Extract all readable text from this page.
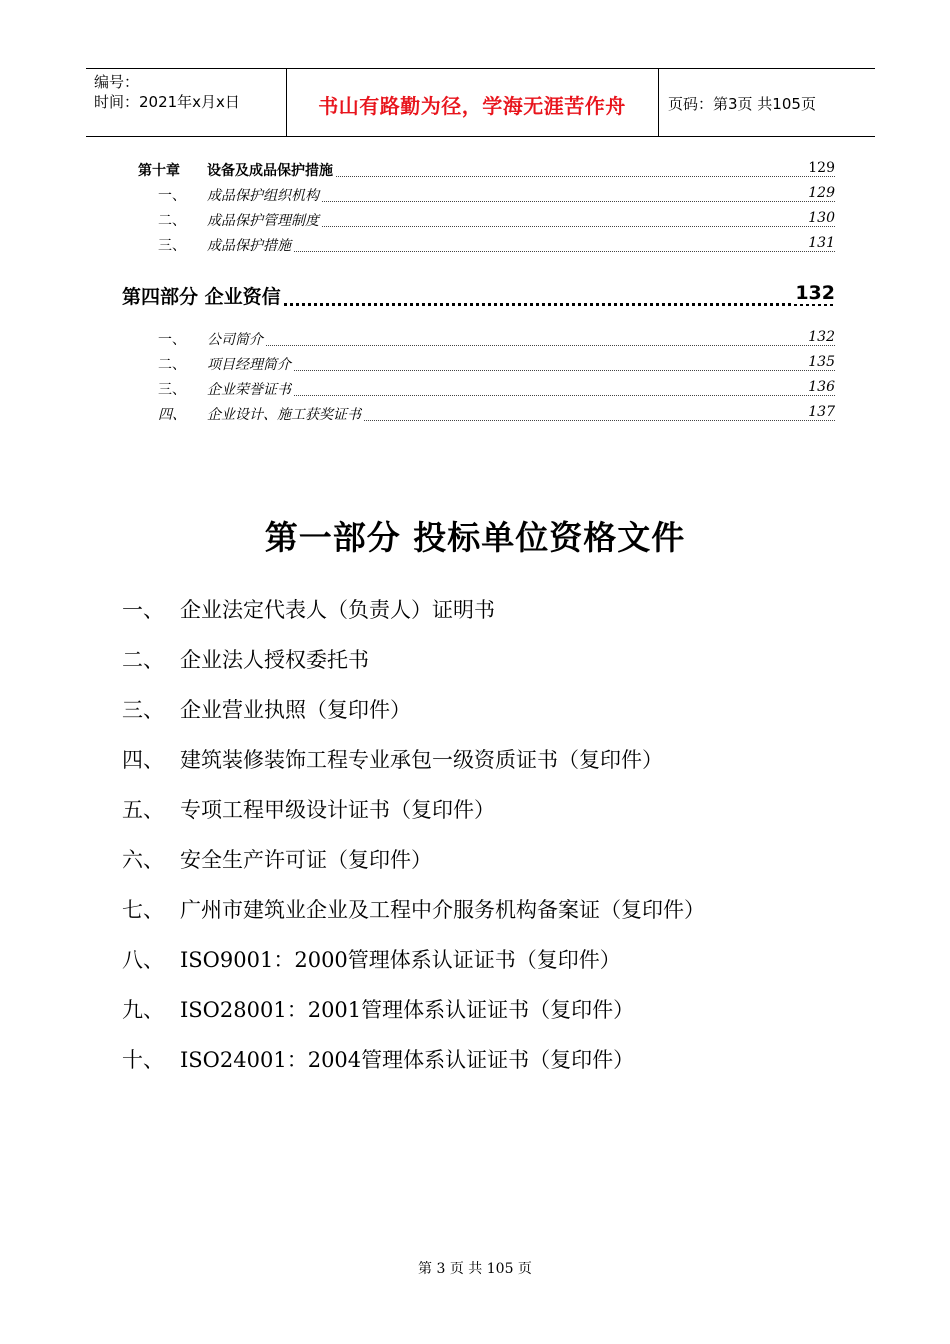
编号：
时间：2021年x月x日	书山有路勤为径，学海无涯苦作舟	页码：第3页 共105页
第十章 设备及成品保护措施	129
一、 成品保护组织机构	129
二、 成品保护管理制度	130
三、 成品保护措施	131
第四部分 企业资信	132
一、 公司简介	132
二、 项目经理简介	135
三、 企业荣誉证书	136
四、 企业设计、施工获奖证书	137
第一部分 投标单位资格文件
一、 企业法定代表人（负责人）证明书
二、 企业法人授权委托书
三、 企业营业执照（复印件）
四、 建筑装修装饰工程专业承包一级资质证书（复印件）
五、 专项工程甲级设计证书（复印件）
六、 安全生产许可证（复印件）
七、 广州市建筑业企业及工程中介服务机构备案证（复印件）
八、 ISO9001：2000管理体系认证证书（复印件）
九、 ISO28001：2001管理体系认证证书（复印件）
十、 ISO24001：2004管理体系认证证书（复印件）
第 3 页 共 105 页
